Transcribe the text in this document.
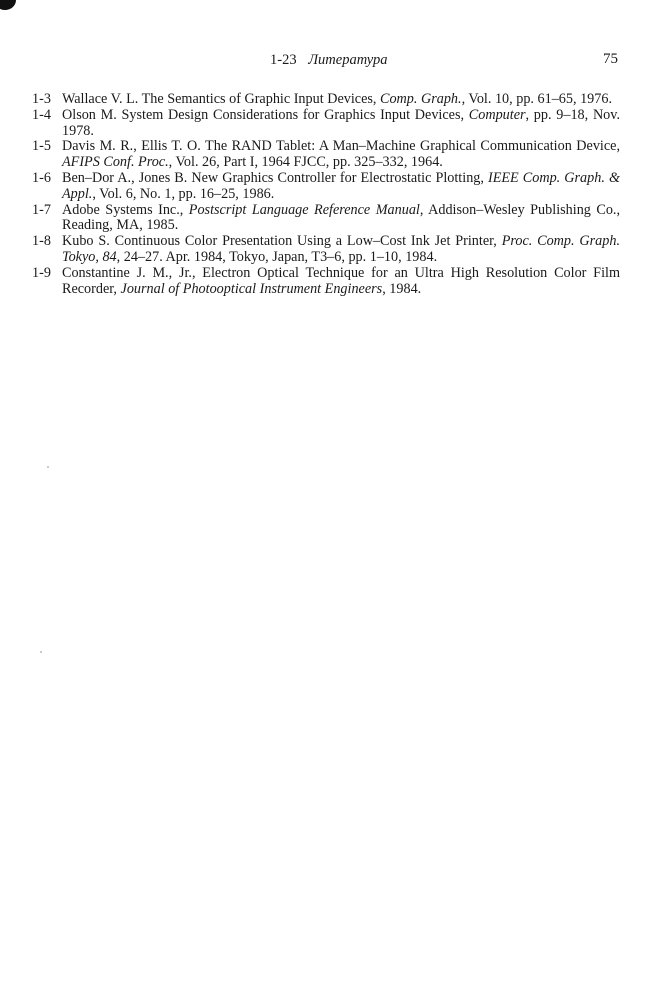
1-23 Литература	75
1-3 Wallace V. L. The Semantics of Graphic Input Devices, Comp. Graph., Vol. 10, pp. 61–65, 1976.
1-4 Olson M. System Design Considerations for Graphics Input Devices, Computer, pp. 9–18, Nov. 1978.
1-5 Davis M. R., Ellis T. O. The RAND Tablet: A Man–Machine Graphical Communication Device, AFIPS Conf. Proc., Vol. 26, Part I, 1964 FJCC, pp. 325–332, 1964.
1-6 Ben–Dor A., Jones B. New Graphics Controller for Electrostatic Plotting, IEEE Comp. Graph. & Appl., Vol. 6, No. 1, pp. 16–25, 1986.
1-7 Adobe Systems Inc., Postscript Language Reference Manual, Addison–Wesley Publishing Co., Reading, MA, 1985.
1-8 Kubo S. Continuous Color Presentation Using a Low–Cost Ink Jet Printer, Proc. Comp. Graph. Tokyo, 84, 24–27. Apr. 1984, Tokyo, Japan, T3–6, pp. 1–10, 1984.
1-9 Constantine J. M., Jr., Electron Optical Technique for an Ultra High Resolution Color Film Recorder, Journal of Photooptical Instrument Engineers, 1984.
